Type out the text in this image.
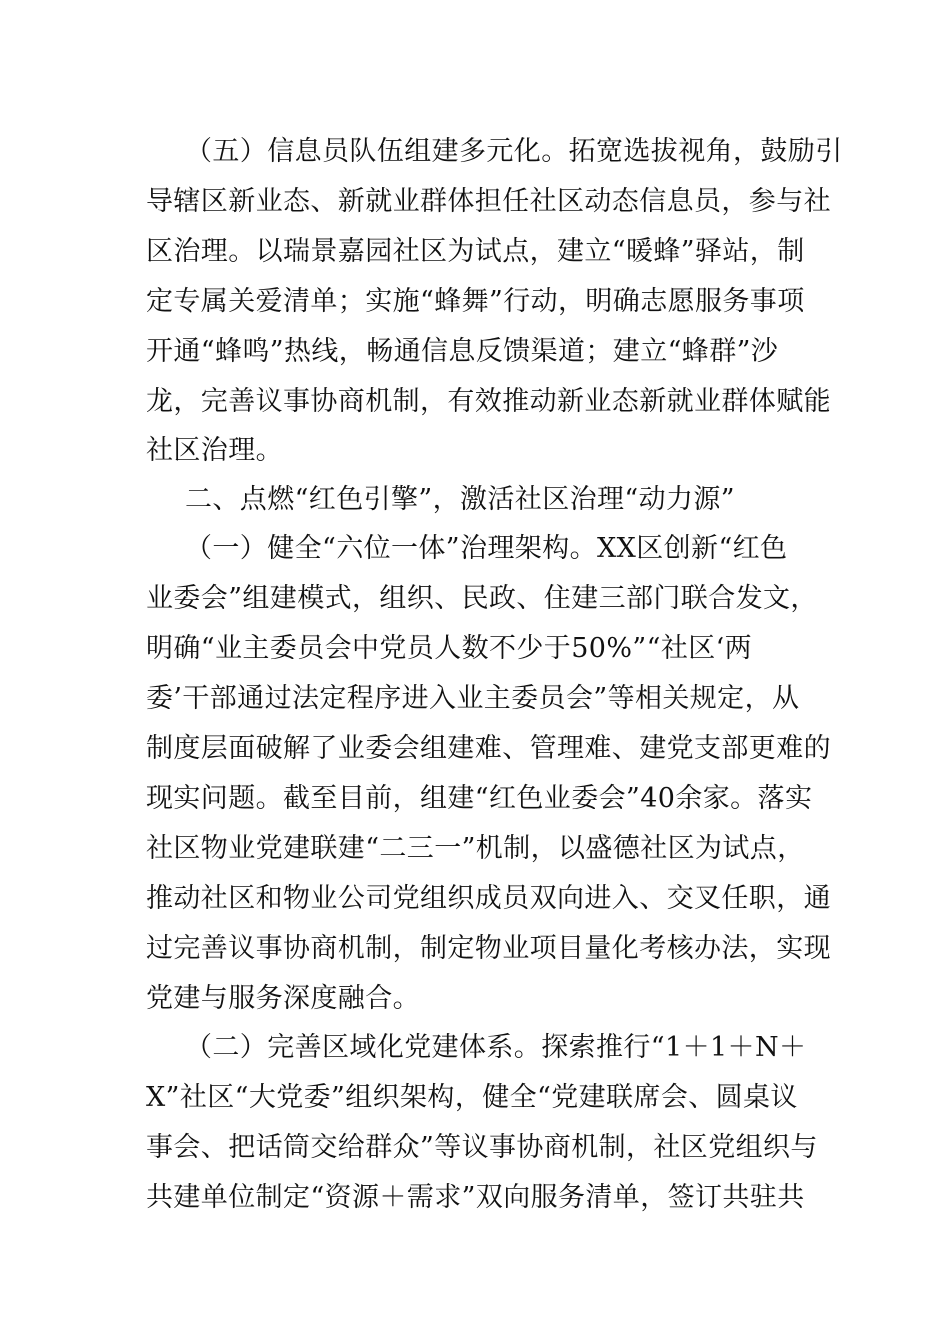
（五）信息员队伍组建多元化。拓宽选拔视角，鼓励引
导辖区新业态、新就业群体担任社区动态信息员，参与社
区治理。以瑞景嘉园社区为试点，建立“暖蜂”驿站，制
定专属关爱清单；实施“蜂舞”行动，明确志愿服务事项
开通“蜂鸣”热线，畅通信息反馈渠道；建立“蜂群”沙
龙，完善议事协商机制，有效推动新业态新就业群体赋能
社区治理。
二、点燃“红色引擎”，激活社区治理“动力源”
（一）健全“六位一体”治理架构。XX区创新“红色
业委会”组建模式，组织、民政、住建三部门联合发文，
明确“业主委员会中党员人数不少于50%”“社区‘两
委’干部通过法定程序进入业主委员会”等相关规定，从
制度层面破解了业委会组建难、管理难、建党支部更难的
现实问题。截至目前，组建“红色业委会”40余家。落实
社区物业党建联建“二三一”机制，以盛德社区为试点，
推动社区和物业公司党组织成员双向进入、交叉任职，通
过完善议事协商机制，制定物业项目量化考核办法，实现
党建与服务深度融合。
（二）完善区域化党建体系。探索推行“1＋1＋N＋
X”社区“大党委”组织架构，健全“党建联席会、圆桌议
事会、把话筒交给群众”等议事协商机制，社区党组织与
共建单位制定“资源＋需求”双向服务清单，签订共驻共
